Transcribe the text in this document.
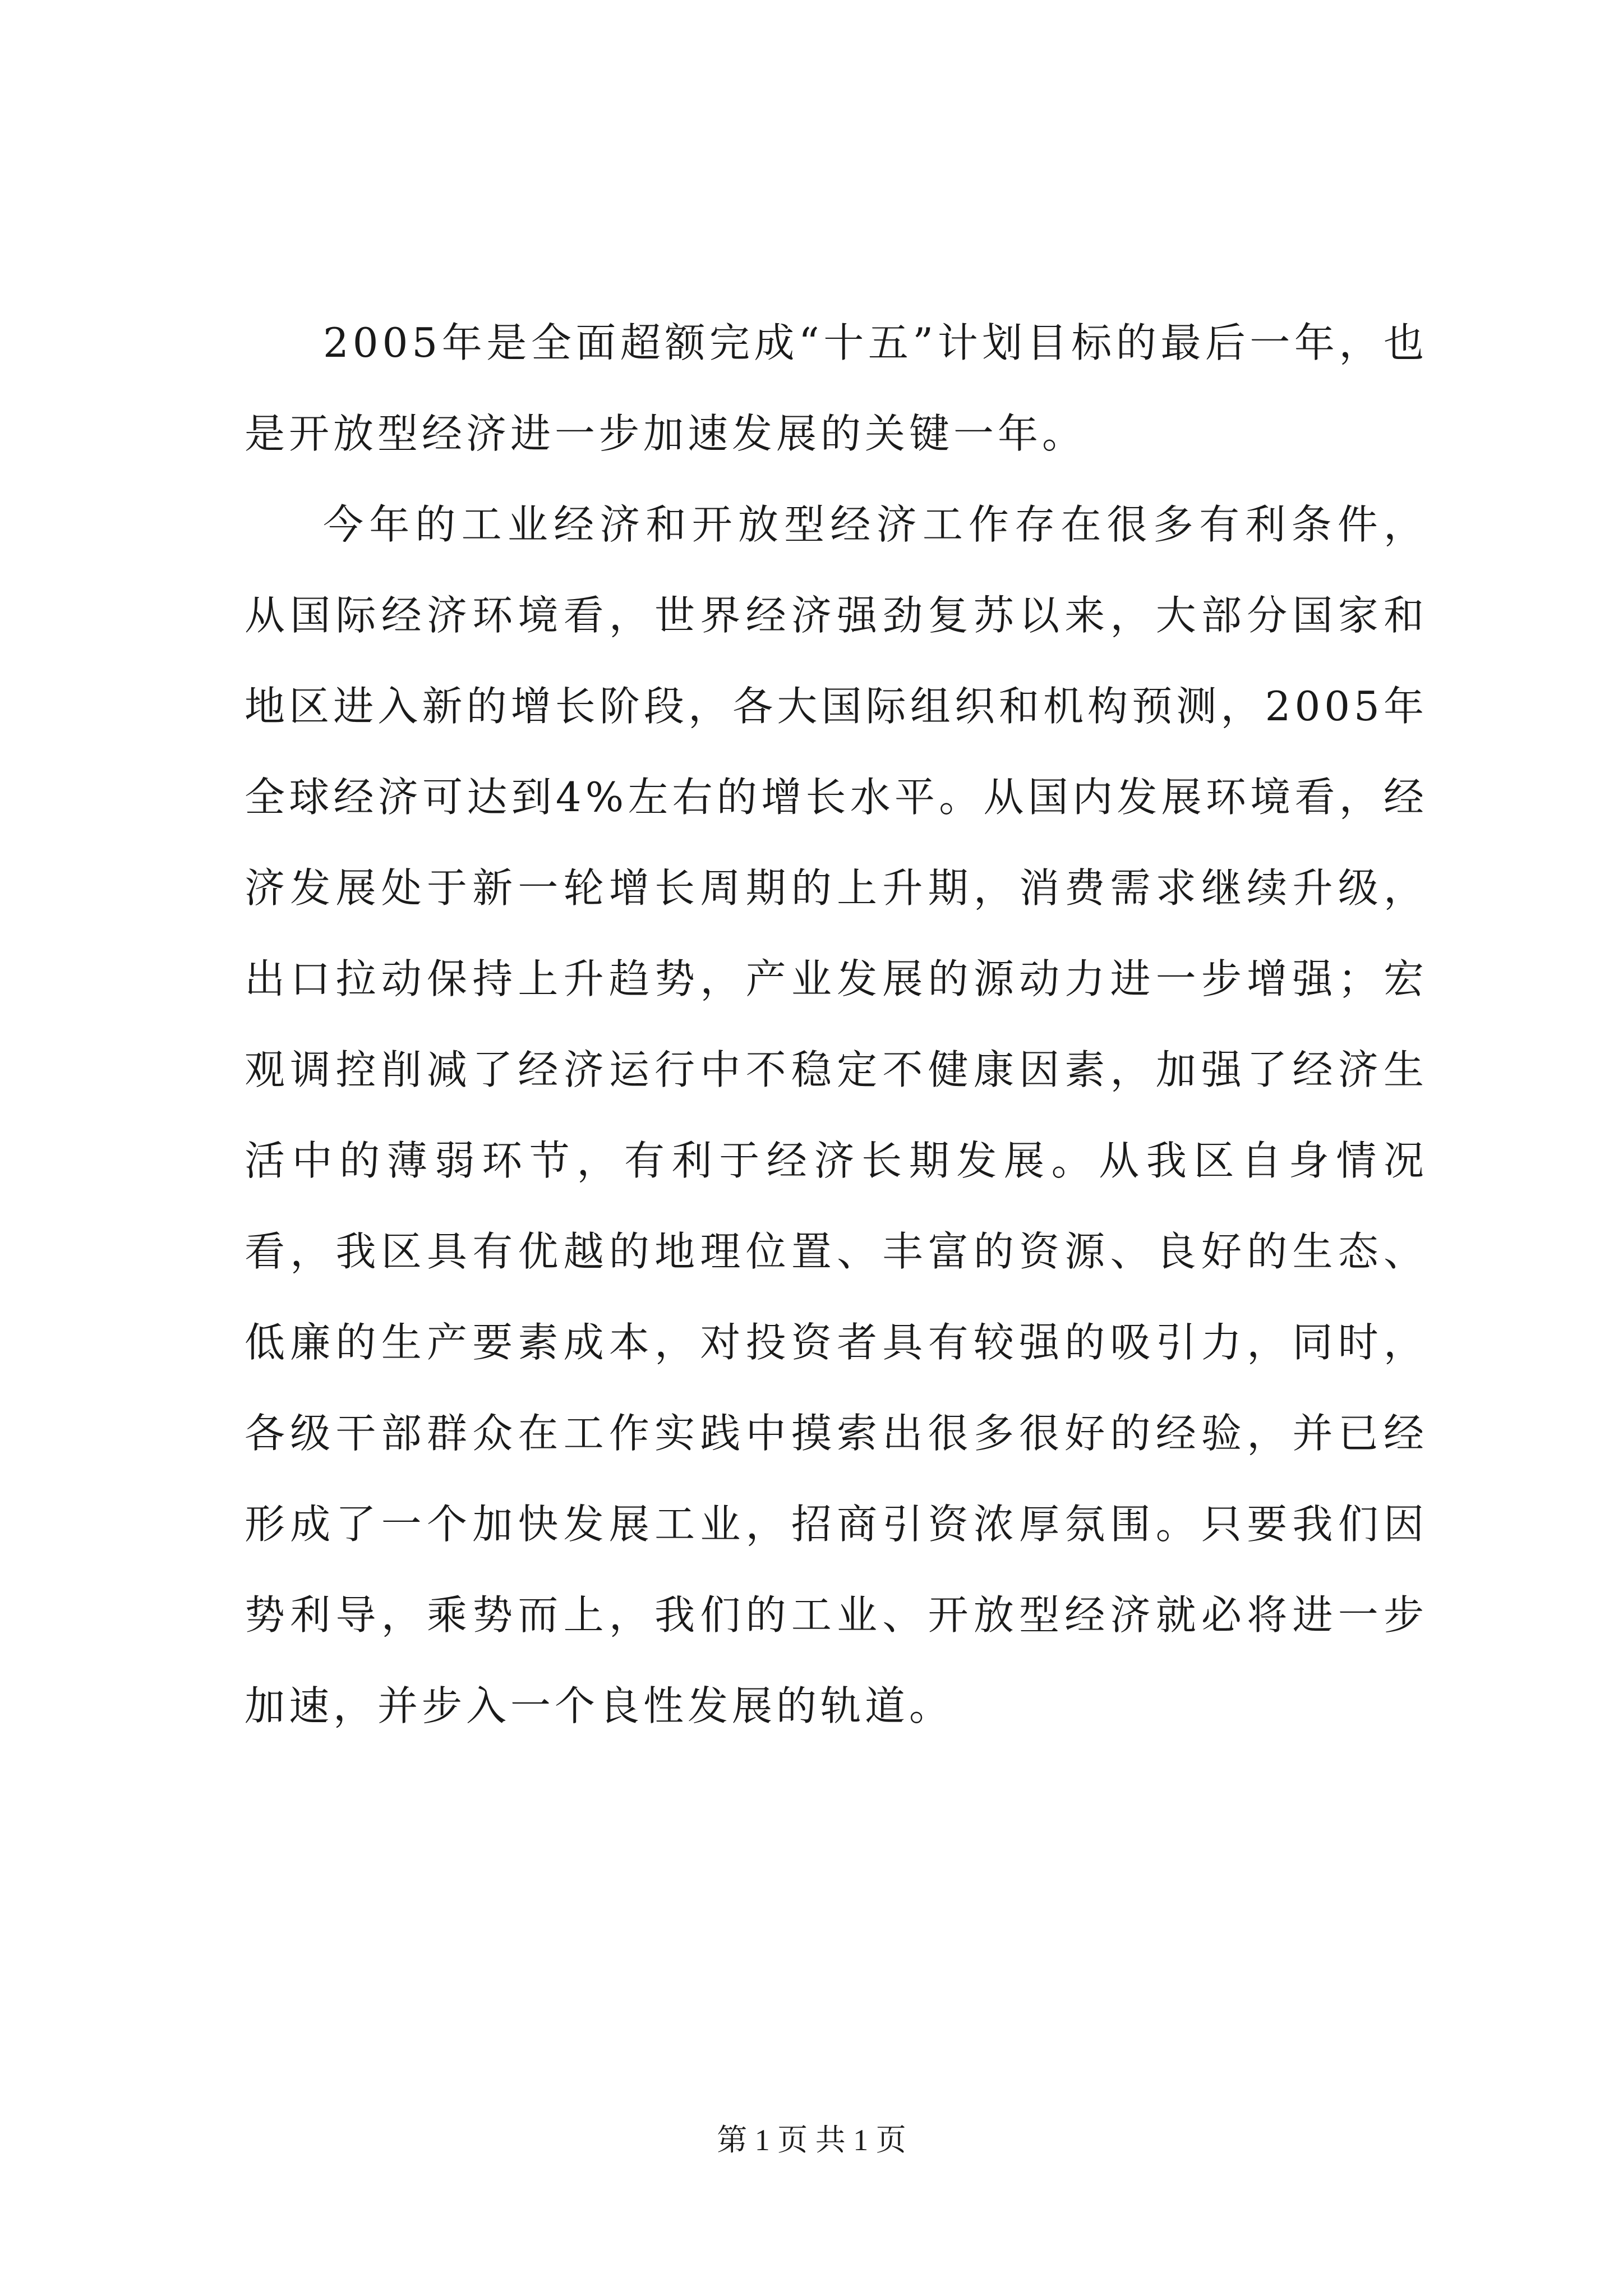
2005年是全面超额完成“十五”计划目标的最后一年，也是开放型经济进一步加速发展的关键一年。

今年的工业经济和开放型经济工作存在很多有利条件，从国际经济环境看，世界经济强劲复苏以来，大部分国家和地区进入新的增长阶段，各大国际组织和机构预测，2005年全球经济可达到4%左右的增长水平。从国内发展环境看，经济发展处于新一轮增长周期的上升期，消费需求继续升级，出口拉动保持上升趋势，产业发展的源动力进一步增强；宏观调控削减了经济运行中不稳定不健康因素，加强了经济生活中的薄弱环节，有利于经济长期发展。从我区自身情况看，我区具有优越的地理位置、丰富的资源、良好的生态、低廉的生产要素成本，对投资者具有较强的吸引力，同时，各级干部群众在工作实践中摸索出很多很好的经验，并已经形成了一个加快发展工业，招商引资浓厚氛围。只要我们因势利导，乘势而上，我们的工业、开放型经济就必将进一步加速，并步入一个良性发展的轨道。

第 1 页 共 1 页
